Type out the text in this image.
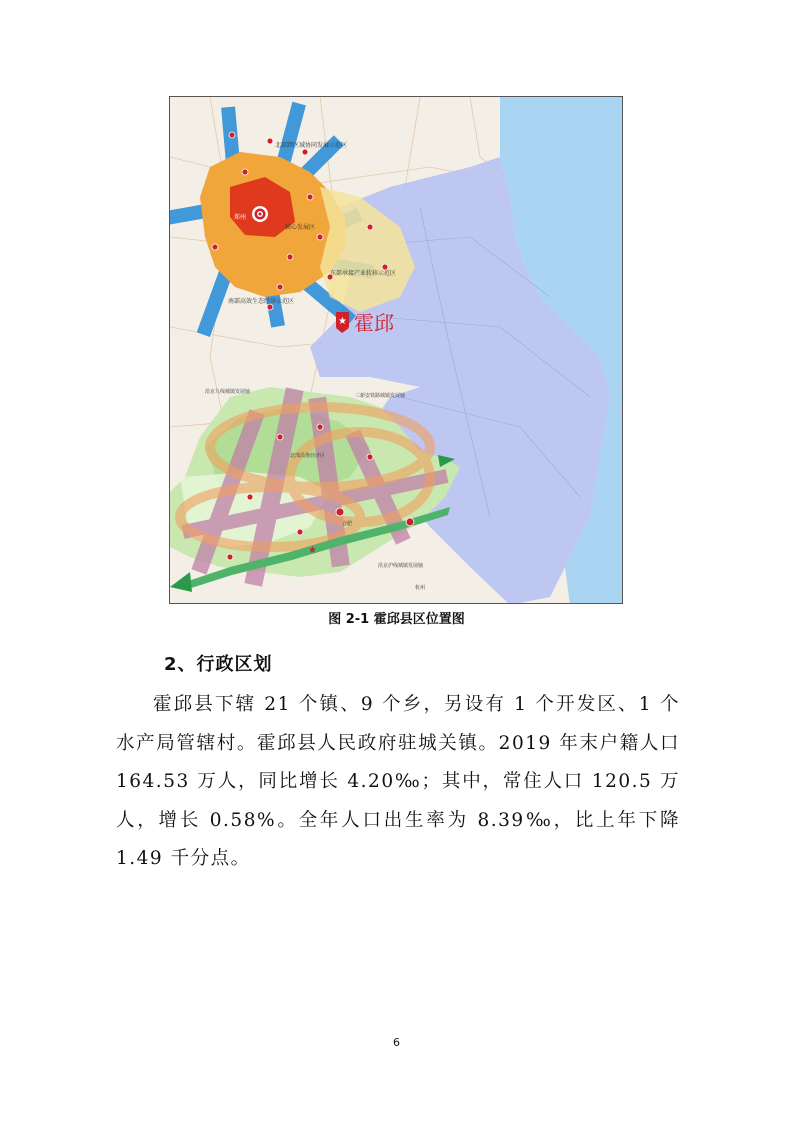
北部跨区域协同发展示范区
核心发展区
东部承接产业转移示范区
南部高效生态经济示范区
郑州
★ 霍邱
★
三新安铁路城镇发展轴
沿京九线城镇发展轴
北部沿淮经济区
沿京沪线城镇发展轴
杭州
合肥
图 2-1 霍邱县区位置图
2、行政区划

霍邱县下辖 21 个镇、9 个乡，另设有 1 个开发区、1 个水产局管辖村。霍邱县人民政府驻城关镇。2019 年末户籍人口 164.53 万人，同比增长 4.20‰；其中，常住人口 120.5 万人，增长 0.58%。全年人口出生率为 8.39‰，比上年下降 1.49 千分点。

6
